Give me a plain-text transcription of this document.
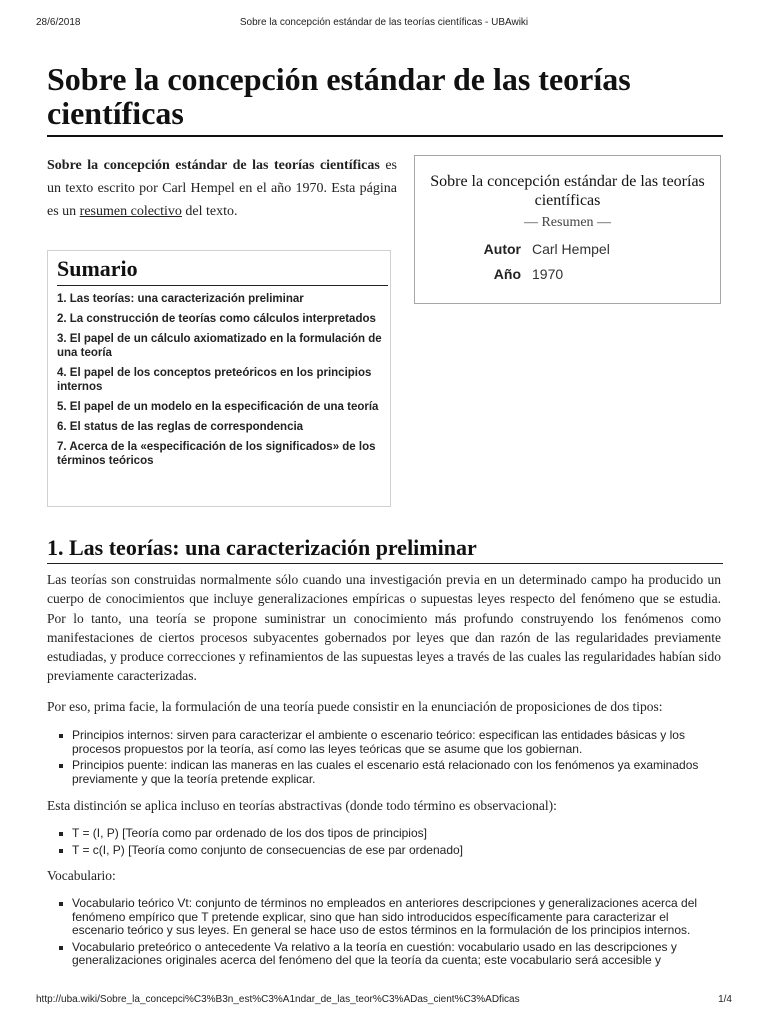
28/6/2018	Sobre la concepción estándar de las teorías científicas - UBAwiki
Sobre la concepción estándar de las teorías científicas

Sobre la concepción estándar de las teorías científicas es un texto escrito por Carl Hempel en el año 1970. Esta página es un resumen colectivo del texto.

Sobre la concepción estándar de las teorías científicas
— Resumen —
Autor Carl Hempel
Año 1970
Sumario
1. Las teorías: una caracterización preliminar
2. La construcción de teorías como cálculos interpretados
3. El papel de un cálculo axiomatizado en la formulación de una teoría
4. El papel de los conceptos preteóricos en los principios internos
5. El papel de un modelo en la especificación de una teoría
6. El status de las reglas de correspondencia
7. Acerca de la «especificación de los significados» de los términos teóricos
1. Las teorías: una caracterización preliminar

Las teorías son construidas normalmente sólo cuando una investigación previa en un determinado campo ha producido un cuerpo de conocimientos que incluye generalizaciones empíricas o supuestas leyes respecto del fenómeno que se estudia. Por lo tanto, una teoría se propone suministrar un conocimiento más profundo construyendo los fenómenos como manifestaciones de ciertos procesos subyacentes gobernados por leyes que dan razón de las regularidades previamente estudiadas, y produce correcciones y refinamientos de las supuestas leyes a través de las cuales las regularidades habían sido previamente caracterizadas.

Por eso, prima facie, la formulación de una teoría puede consistir en la enunciación de proposiciones de dos tipos:

Principios internos: sirven para caracterizar el ambiente o escenario teórico: especifican las entidades básicas y los procesos propuestos por la teoría, así como las leyes teóricas que se asume que los gobiernan.
Principios puente: indican las maneras en las cuales el escenario está relacionado con los fenómenos ya examinados previamente y que la teoría pretende explicar.

Esta distinción se aplica incluso en teorías abstractivas (donde todo término es observacional):

T = (I, P) [Teoría como par ordenado de los dos tipos de principios]
T = c(I, P) [Teoría como conjunto de consecuencias de ese par ordenado]

Vocabulario:

Vocabulario teórico Vt: conjunto de términos no empleados en anteriores descripciones y generalizaciones acerca del fenómeno empírico que T pretende explicar, sino que han sido introducidos específicamente para caracterizar el escenario teórico y sus leyes. En general se hace uso de estos términos en la formulación de los principios internos.
Vocabulario preteórico o antecedente Va relativo a la teoría en cuestión: vocabulario usado en las descripciones y generalizaciones originales acerca del fenómeno del que la teoría da cuenta; este vocabulario será accesible y
http://uba.wiki/Sobre_la_concepci%C3%B3n_est%C3%A1ndar_de_las_teor%C3%ADas_cient%C3%ADficas	1/4
